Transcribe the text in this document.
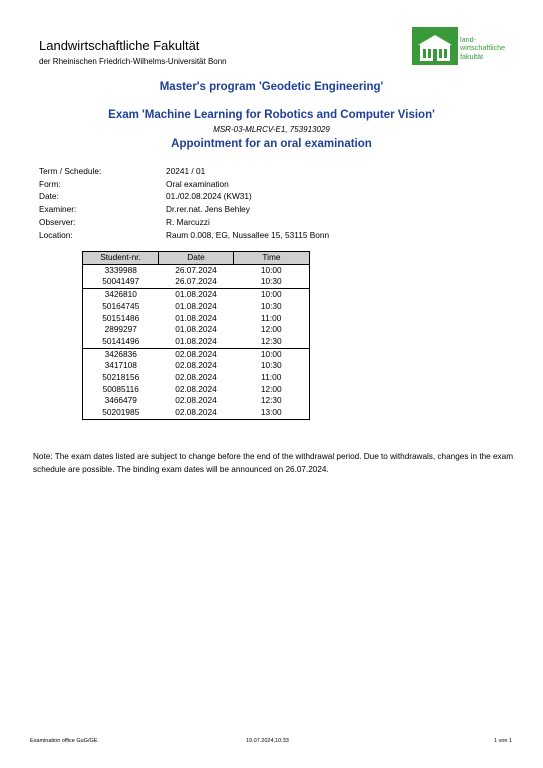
Landwirtschaftliche Fakultät
der Rheinischen Friedrich-Wilhelms-Universität Bonn
land-
wirtschaftliche
fakultät
Master's program 'Geodetic Engineering'
Exam 'Machine Learning for Robotics and Computer Vision'
MSR-03-MLRCV-E1, 753913029
Appointment for an oral examination
Term / Schedule:	20241 / 01
Form:	Oral examination
Date:	01./02.08.2024 (KW31)
Examiner:	Dr.rer.nat. Jens Behley
Observer:	R. Marcuzzi
Location:	Raum 0.008, EG, Nussallee 15, 53115 Bonn
Student-nr.	Date	Time
3339988	26.07.2024	10:00
50041497	26.07.2024	10:30
3426810	01.08.2024	10:00
50164745	01.08.2024	10:30
50151486	01.08.2024	11:00
2899297	01.08.2024	12:00
50141496	01.08.2024	12:30
3426836	02.08.2024	10:00
3417108	02.08.2024	10:30
50218156	02.08.2024	11:00
50085116	02.08.2024	12:00
3466479	02.08.2024	12:30
50201985	02.08.2024	13:00
Note: The exam dates listed are subject to change before the end of the withdrawal period. Due to withdrawals, changes in the exam schedule are possible. The binding exam dates will be announced on 26.07.2024.
Examination office GuG/GE	19.07.2024,10:33	1 von 1
